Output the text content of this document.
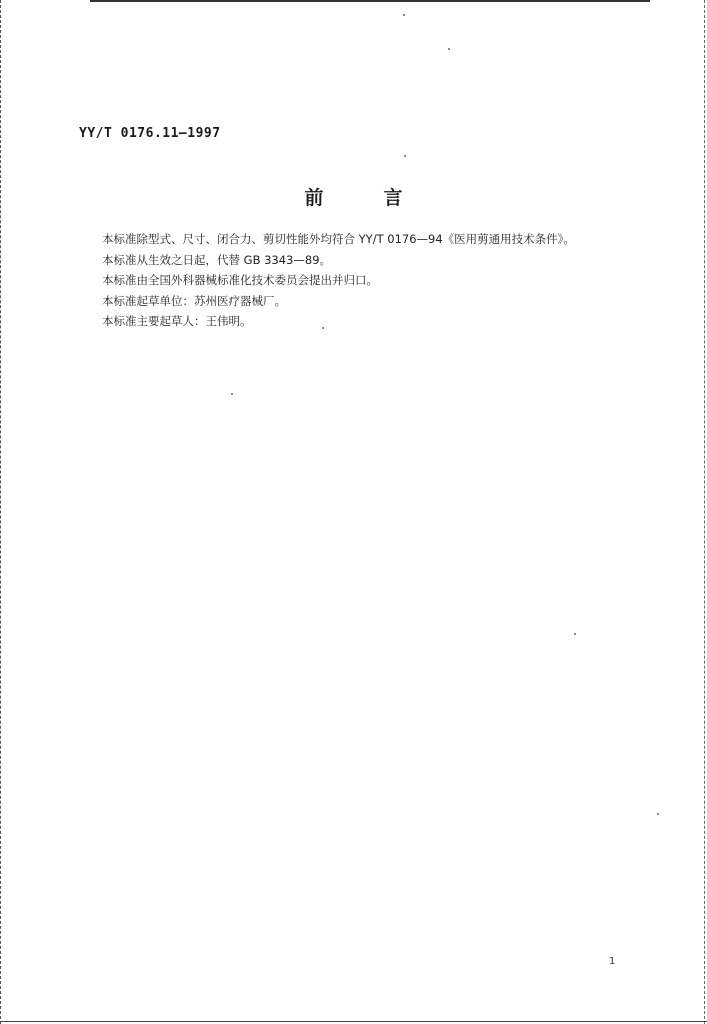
YY/T 0176.11—1997
前言
本标准除型式、尺寸、闭合力、剪切性能外均符合 YY/T 0176—94《医用剪通用技术条件》。
本标准从生效之日起，代替 GB 3343—89。
本标准由全国外科器械标准化技术委员会提出并归口。
本标准起草单位：苏州医疗器械厂。
本标准主要起草人：王伟明。
1
